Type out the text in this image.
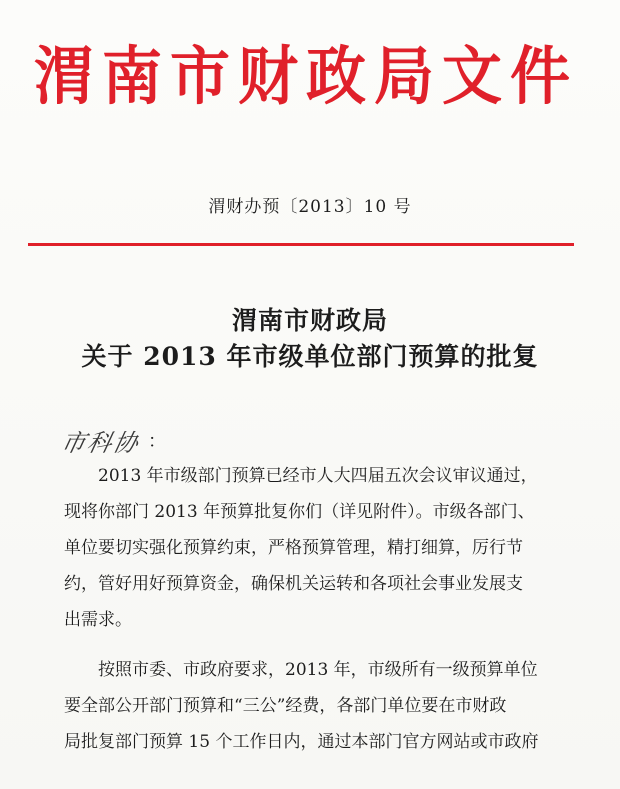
渭南市财政局文件
渭财办预〔2013〕10 号
渭南市财政局
关于 2013 年市级单位部门预算的批复
市科协 ：
2013 年市级部门预算已经市人大四届五次会议审议通过，
现将你部门 2013 年预算批复你们（详见附件）。市级各部门、
单位要切实强化预算约束，严格预算管理，精打细算，厉行节
约，管好用好预算资金，确保机关运转和各项社会事业发展支
出需求。
按照市委、市政府要求，2013 年，市级所有一级预算单位
要全部公开部门预算和“三公”经费，各部门单位要在市财政
局批复部门预算 15 个工作日内，通过本部门官方网站或市政府
